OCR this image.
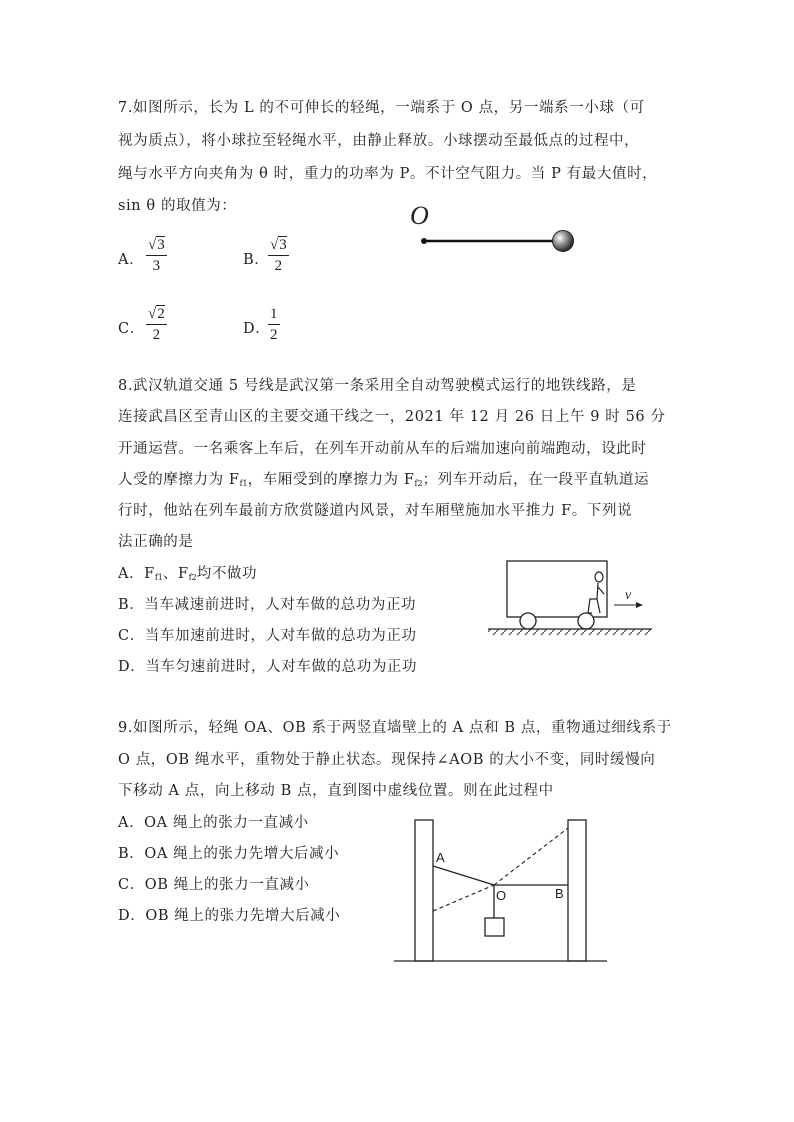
7.如图所示，长为 L 的不可伸长的轻绳，一端系于 O 点，另一端系一小球（可
视为质点），将小球拉至轻绳水平，由静止释放。小球摆动至最低点的过程中，
绳与水平方向夹角为 θ 时，重力的功率为 P。不计空气阻力。当 P 有最大值时，
sin θ 的取值为：
A． $\frac{√3}{3}$	B．
$\frac{√3}{2}$
C． $\frac{√2}{2}$	D．
$\frac{1}{2}$
O
8.武汉轨道交通 5 号线是武汉第一条采用全自动驾驶模式运行的地铁线路，是
连接武昌区至青山区的主要交通干线之一，2021 年 12 月 26 日上午 9 时 56 分
开通运营。一名乘客上车后，在列车开动前从车的后端加速向前端跑动，设此时
人受的摩擦力为 $F_{f1}$，车厢受到的摩擦力为 $F_{f2}$；列车开动后，在一段平直轨道运
行时，他站在列车最前方欣赏隧道内风景，对车厢壁施加水平推力 F。下列说
法正确的是
A．$F_{f1}$、$F_{f2}$均不做功
B．当车减速前进时，人对车做的总功为正功
C．当车加速前进时，人对车做的总功为正功
D．当车匀速前进时，人对车做的总功为正功
v
9.如图所示，轻绳 OA、OB 系于两竖直墙壁上的 A 点和 B 点，重物通过细线系于
O 点，OB 绳水平，重物处于静止状态。现保持∠AOB 的大小不变，同时缓慢向
下移动 A 点，向上移动 B 点，直到图中虚线位置。则在此过程中
A．OA 绳上的张力一直减小
B．OA 绳上的张力先增大后减小
C．OB 绳上的张力一直减小
D．OB 绳上的张力先增大后减小
A
O	B
